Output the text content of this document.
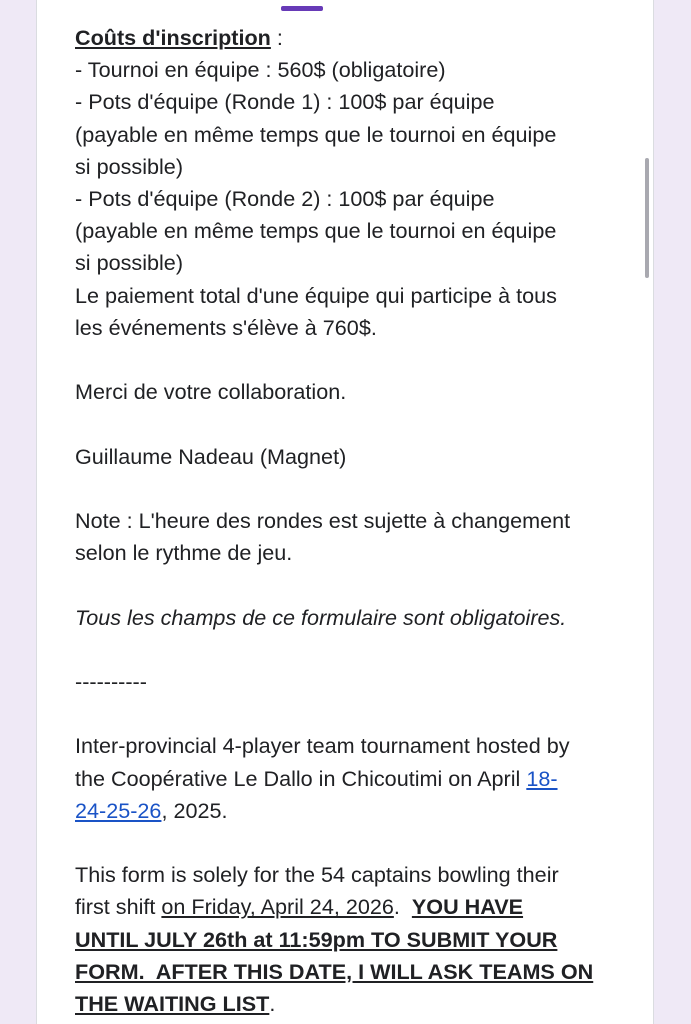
Coûts d'inscription :

- Tournoi en équipe : 560$ (obligatoire)

- Pots d'équipe (Ronde 1) : 100$ par équipe

(payable en même temps que le tournoi en équipe

si possible)

- Pots d'équipe (Ronde 2) : 100$ par équipe

(payable en même temps que le tournoi en équipe

si possible)

Le paiement total d'une équipe qui participe à tous

les événements s'élève à 760$.

Merci de votre collaboration.

Guillaume Nadeau (Magnet)

Note : L'heure des rondes est sujette à changement

selon le rythme de jeu.

Tous les champs de ce formulaire sont obligatoires.

----------

Inter-provincial 4-player team tournament hosted by

the Coopérative Le Dallo in Chicoutimi on April 18-

24-25-26, 2025.

This form is solely for the 54 captains bowling their

first shift on Friday, April 24, 2026.  YOU HAVE

UNTIL JULY 26th at 11:59pm TO SUBMIT YOUR

FORM.  AFTER THIS DATE, I WILL ASK TEAMS ON

THE WAITING LIST.
